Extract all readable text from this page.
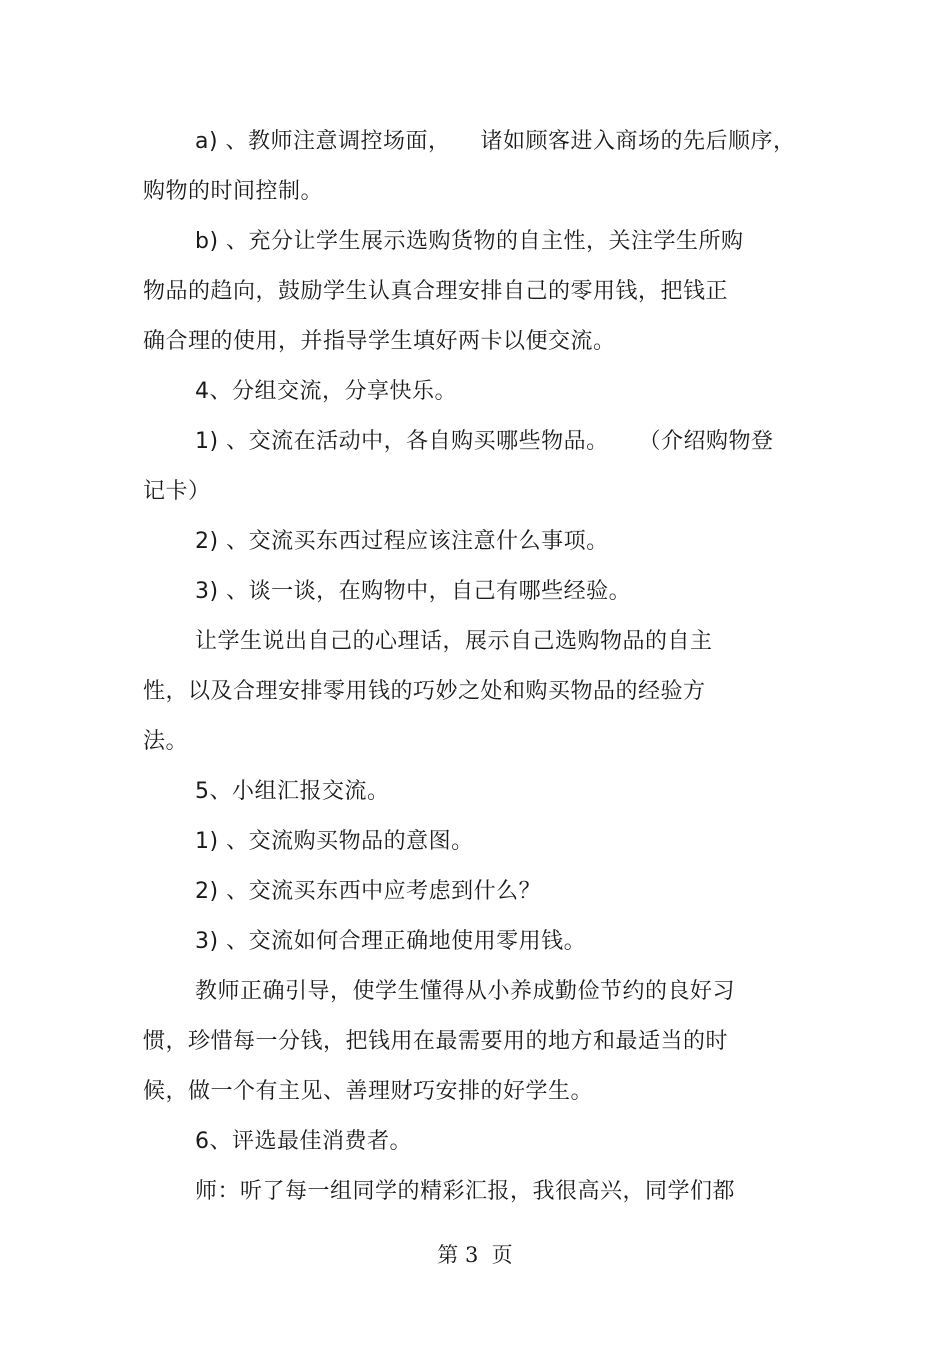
a) 、教师注意调控场面，    诸如顾客进入商场的先后顺序，
购物的时间控制。
b) 、充分让学生展示选购货物的自主性，关注学生所购
物品的趋向，鼓励学生认真合理安排自己的零用钱，把钱正
确合理的使用，并指导学生填好两卡以便交流。
4、分组交流，分享快乐。
1) 、交流在活动中，各自购买哪些物品。    （介绍购物登
记卡）
2) 、交流买东西过程应该注意什么事项。
3) 、谈一谈，在购物中，自己有哪些经验。
让学生说出自己的心理话，展示自己选购物品的自主
性，以及合理安排零用钱的巧妙之处和购买物品的经验方
法。
5、小组汇报交流。
1) 、交流购买物品的意图。
2) 、交流买东西中应考虑到什么？
3) 、交流如何合理正确地使用零用钱。
教师正确引导，使学生懂得从小养成勤俭节约的良好习
惯，珍惜每一分钱，把钱用在最需要用的地方和最适当的时
候，做一个有主见、善理财巧安排的好学生。
6、评选最佳消费者。
师：听了每一组同学的精彩汇报，我很高兴，同学们都
第 3  页
